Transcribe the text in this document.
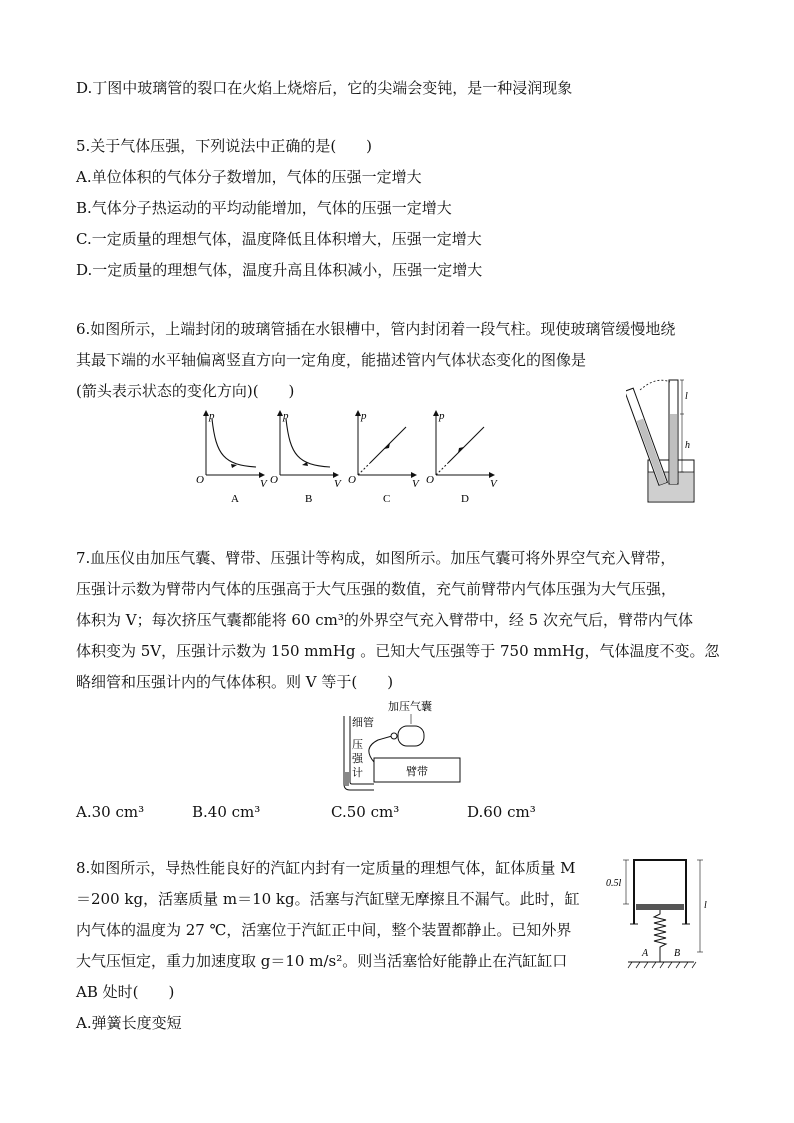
D.丁图中玻璃管的裂口在火焰上烧熔后，它的尖端会变钝，是一种浸润现象
5.关于气体压强，下列说法中正确的是(　　)
A.单位体积的气体分子数增加，气体的压强一定增大
B.气体分子热运动的平均动能增加，气体的压强一定增大
C.一定质量的理想气体，温度降低且体积增大，压强一定增大
D.一定质量的理想气体，温度升高且体积减小，压强一定增大
6.如图所示，上端封闭的玻璃管插在水银槽中，管内封闭着一段气柱。现使玻璃管缓慢地绕
其最下端的水平轴偏离竖直方向一定角度，能描述管内气体状态变化的图像是
(箭头表示状态的变化方向)(　　)
p
V
O
A
p
V
O
B
p
V
O
C
p
V
O
D
l
h
7.血压仪由加压气囊、臂带、压强计等构成，如图所示。加压气囊可将外界空气充入臂带，
压强计示数为臂带内气体的压强高于大气压强的数值，充气前臂带内气体压强为大气压强，
体积为 V；每次挤压气囊都能将 60 cm³的外界空气充入臂带中，经 5 次充气后，臂带内气体
体积变为 5V，压强计示数为 150 mmHg 。已知大气压强等于 750 mmHg，气体温度不变。忽
略细管和压强计内的气体体积。则 V 等于(　　)
臂带
加压气囊
细管
压
强
计
A.30 cm³	B.40 cm³	C.50 cm³	D.60 cm³
8.如图所示，导热性能良好的汽缸内封有一定质量的理想气体，缸体质量 M
＝200 kg，活塞质量 m＝10 kg。活塞与汽缸壁无摩擦且不漏气。此时，缸
内气体的温度为 27 ℃，活塞位于汽缸正中间，整个装置都静止。已知外界
大气压恒定，重力加速度取 g＝10 m/s²。则当活塞恰好能静止在汽缸缸口
AB 处时(　　)
A.弹簧长度变短
0.5l
l
A	B
